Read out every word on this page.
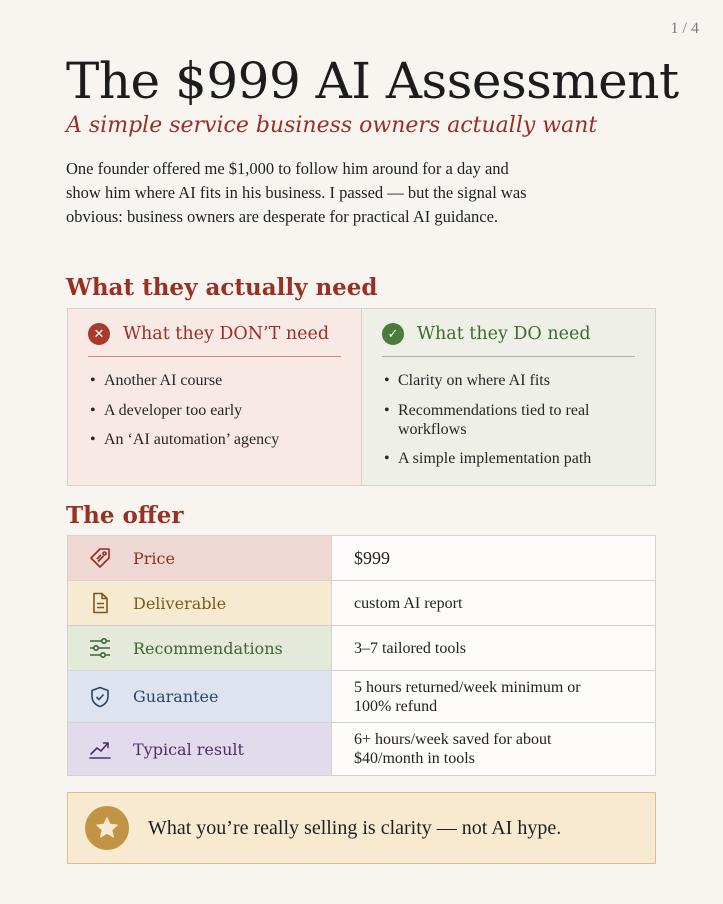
1 / 4
The $999 AI Assessment
A simple service business owners actually want

One founder offered me $1,000 to follow him around for a day and show him where AI fits in his business. I passed — but the signal was obvious: business owners are desperate for practical AI guidance.

What they actually need
✕	What they DON’T need
• Another AI course
• A developer too early
• An ‘AI automation’ agency
✓	What they DO need
• Clarity on where AI fits
• Recommendations tied to real workflows
• A simple implementation path
The offer
Price	$999
Deliverable	custom AI report
Recommendations	3–7 tailored tools
Guarantee	5 hours returned/week minimum or 100% refund
Typical result	6+ hours/week saved for about $40/month in tools
What you’re really selling is clarity — not AI hype.
